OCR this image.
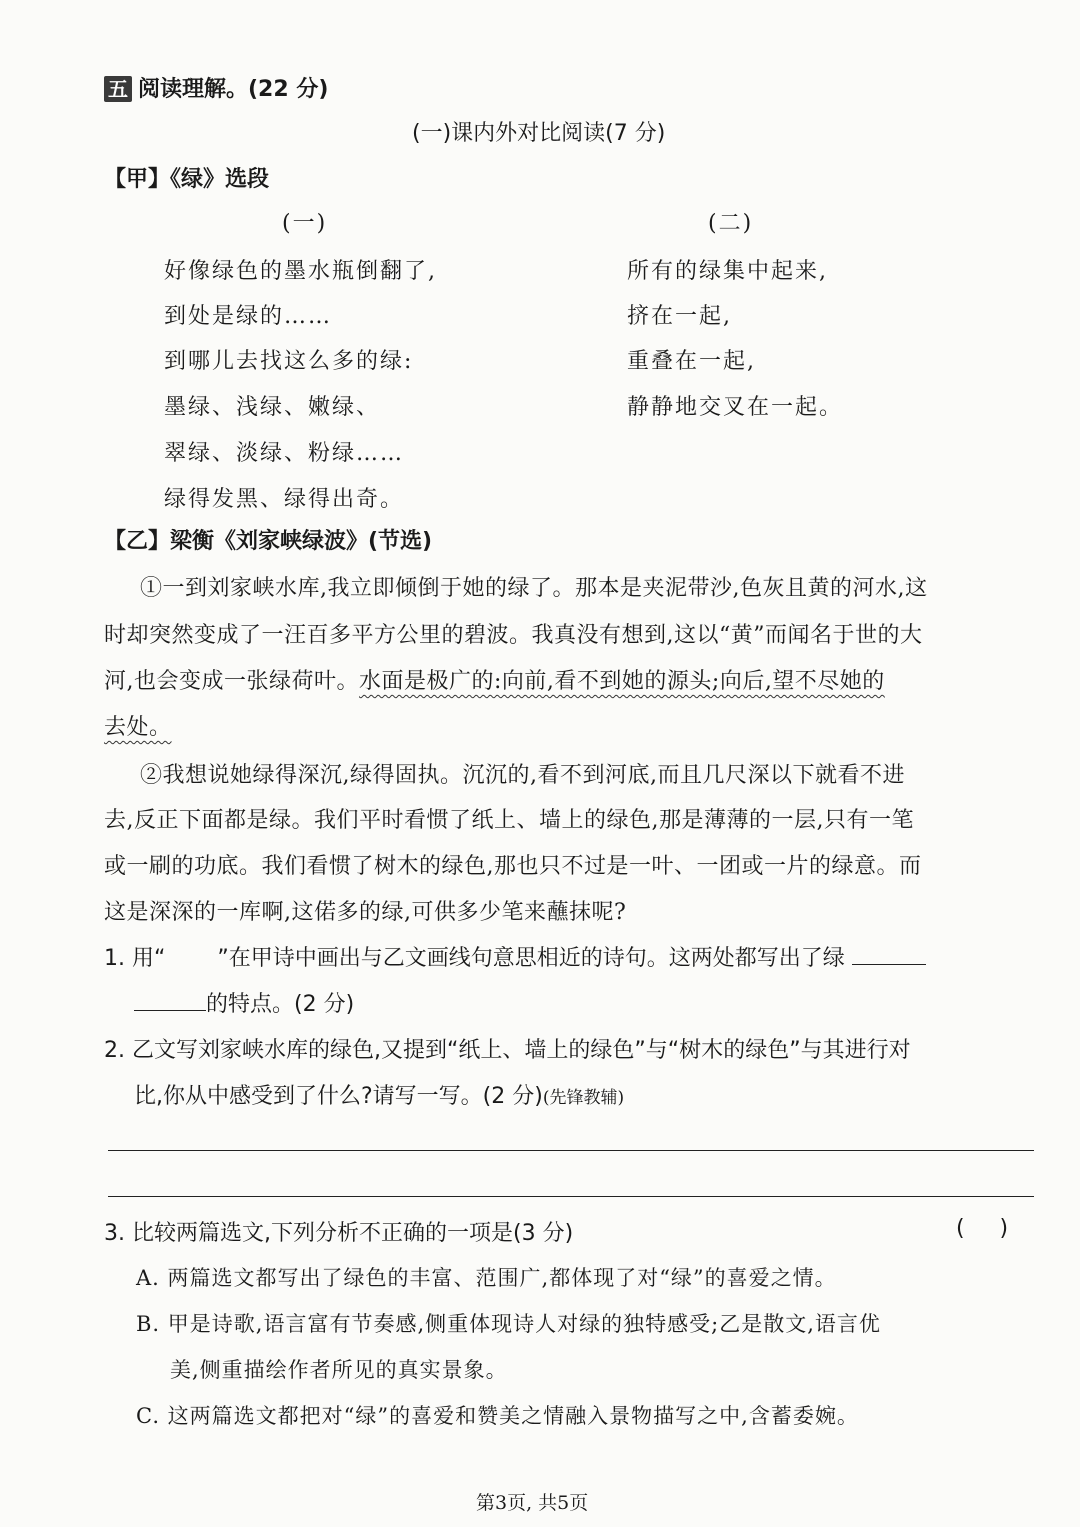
五 阅读理解。(22 分)
(一)课内外对比阅读(7 分)
【甲】《绿》选段
(一)	(二)
好像绿色的墨水瓶倒翻了,
到处是绿的……
到哪儿去找这么多的绿:
墨绿、浅绿、嫩绿、
翠绿、淡绿、粉绿……
绿得发黑、绿得出奇。
所有的绿集中起来,
挤在一起,
重叠在一起,
静静地交叉在一起。
【乙】梁衡《刘家峡绿波》(节选)
①一到刘家峡水库,我立即倾倒于她的绿了。那本是夹泥带沙,色灰且黄的河水,这
时却突然变成了一汪百多平方公里的碧波。我真没有想到,这以“黄”而闻名于世的大
河,也会变成一张绿荷叶。水面是极广的:向前,看不到她的源头;向后,望不尽她的
去处。
②我想说她绿得深沉,绿得固执。沉沉的,看不到河底,而且几尺深以下就看不进
去,反正下面都是绿。我们平时看惯了纸上、墙上的绿色,那是薄薄的一层,只有一笔
或一刷的功底。我们看惯了树木的绿色,那也只不过是一叶、一团或一片的绿意。而
这是深深的一库啊,这偌多的绿,可供多少笔来蘸抹呢?
1. 用“ ”在甲诗中画出与乙文画线句意思相近的诗句。这两处都写出了绿
的特点。(2 分)
2. 乙文写刘家峡水库的绿色,又提到“纸上、墙上的绿色”与“树木的绿色”与其进行对
比,你从中感受到了什么?请写一写。(2 分)(先锋教辅)
3. 比较两篇选文,下列分析不正确的一项是(3 分)	(     )
A. 两篇选文都写出了绿色的丰富、范围广,都体现了对“绿”的喜爱之情。
B. 甲是诗歌,语言富有节奏感,侧重体现诗人对绿的独特感受;乙是散文,语言优
美,侧重描绘作者所见的真实景象。
C. 这两篇选文都把对“绿”的喜爱和赞美之情融入景物描写之中,含蓄委婉。
第3页, 共5页
